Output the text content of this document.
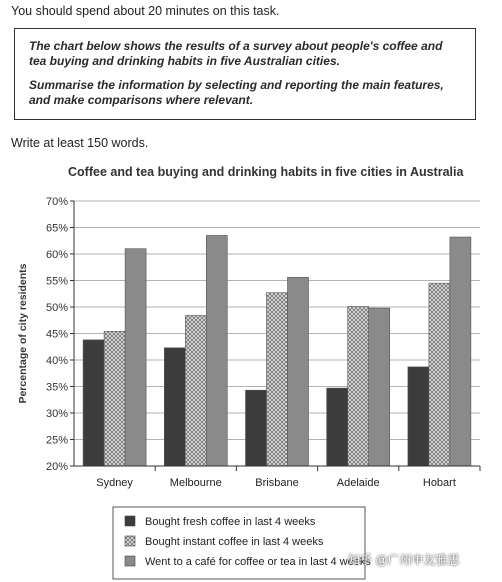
You should spend about 20 minutes on this task.

The chart below shows the results of a survey about people's coffee and tea buying and drinking habits in five Australian cities.

Summarise the information by selecting and reporting the main features, and make comparisons where relevant.

Write at least 150 words.
Coffee and tea buying and drinking habits in five cities in Australia
20%
25%
30%
35%
40%
45%
50%
55%
60%
65%
70%
Percentage of city residents
Sydney	Melbourne	Brisbane	Adelaide	Hobart
Bought fresh coffee in last 4 weeks
Bought instant coffee in last 4 weeks
Went to a café for coffee or tea in last 4 weeks
知乎 @广州申友雅思
